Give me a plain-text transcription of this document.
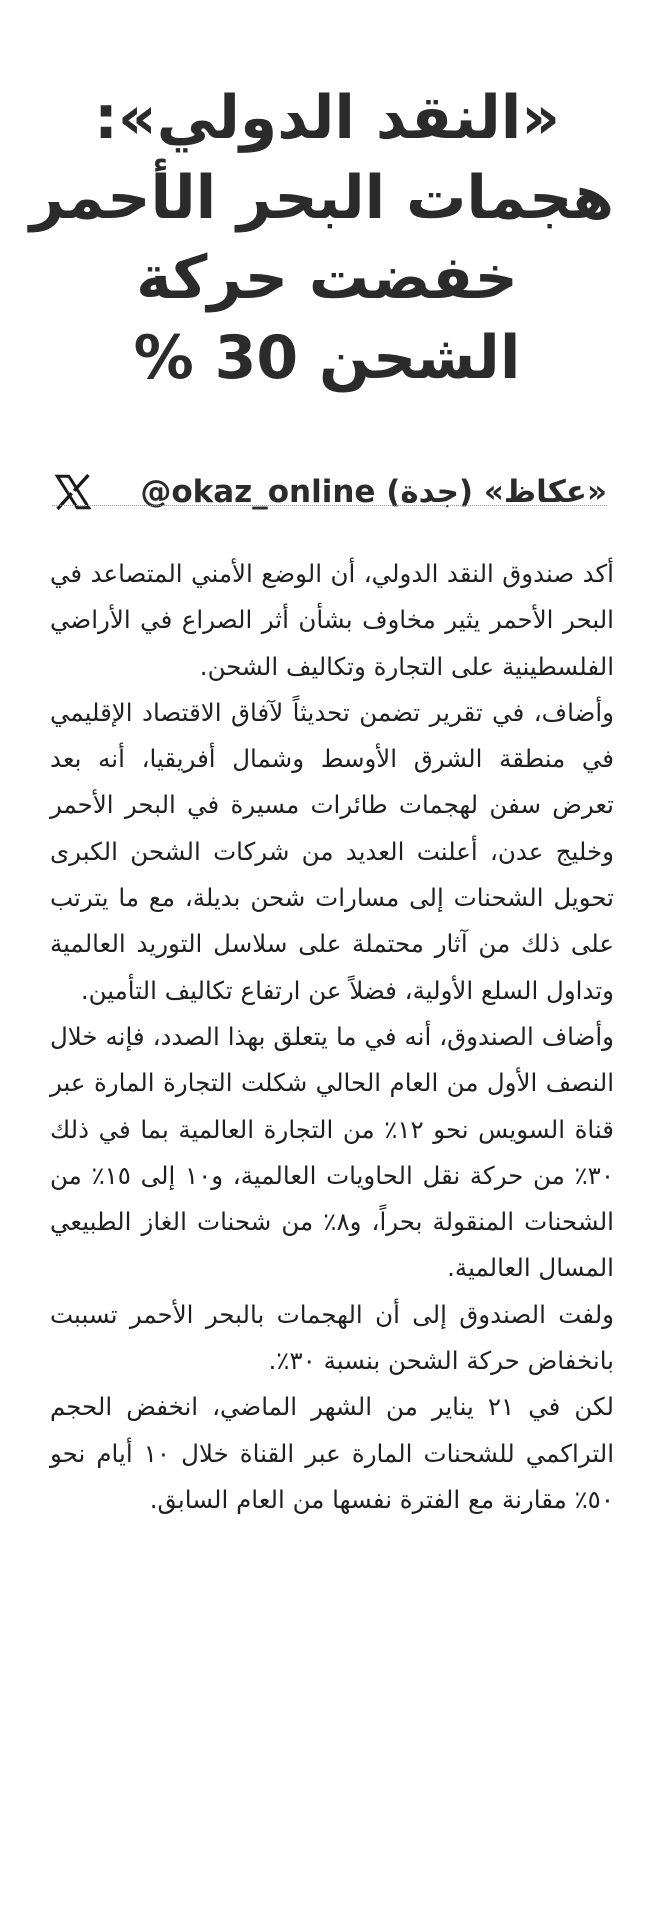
«النقد الدولي»:
هجمات البحر الأحمر
خفضت حركة
الشحن 30 %
«عكاظ» (جدة) @okaz_online

أكد صندوق النقد الدولي، أن الوضع الأمني المتصاعد في البحر الأحمر يثير مخاوف بشأن أثر الصراع في الأراضي الفلسطينية على التجارة وتكاليف الشحن.

وأضاف، في تقرير تضمن تحديثاً لآفاق الاقتصاد الإقليمي في منطقة الشرق الأوسط وشمال أفريقيا، أنه بعد تعرض سفن لهجمات طائرات مسيرة في البحر الأحمر وخليج عدن، أعلنت العديد من شركات الشحن الكبرى تحويل الشحنات إلى مسارات شحن بديلة، مع ما يترتب على ذلك من آثار محتملة على سلاسل التوريد العالمية وتداول السلع الأولية، فضلاً عن ارتفاع تكاليف التأمين.

وأضاف الصندوق، أنه في ما يتعلق بهذا الصدد، فإنه خلال النصف الأول من العام الحالي شكلت التجارة المارة عبر قناة السويس نحو ١٢٪ من التجارة العالمية بما في ذلك ٣٠٪ من حركة نقل الحاويات العالمية، و١٠ إلى ١٥٪ من الشحنات المنقولة بحراً، و٨٪ من شحنات الغاز الطبيعي المسال العالمية.

ولفت الصندوق إلى أن الهجمات بالبحر الأحمر تسببت بانخفاض حركة الشحن بنسبة ٣٠٪.

لكن في ٢١ يناير من الشهر الماضي، انخفض الحجم التراكمي للشحنات المارة عبر القناة خلال ١٠ أيام نحو ٥٠٪ مقارنة مع الفترة نفسها من العام السابق.
